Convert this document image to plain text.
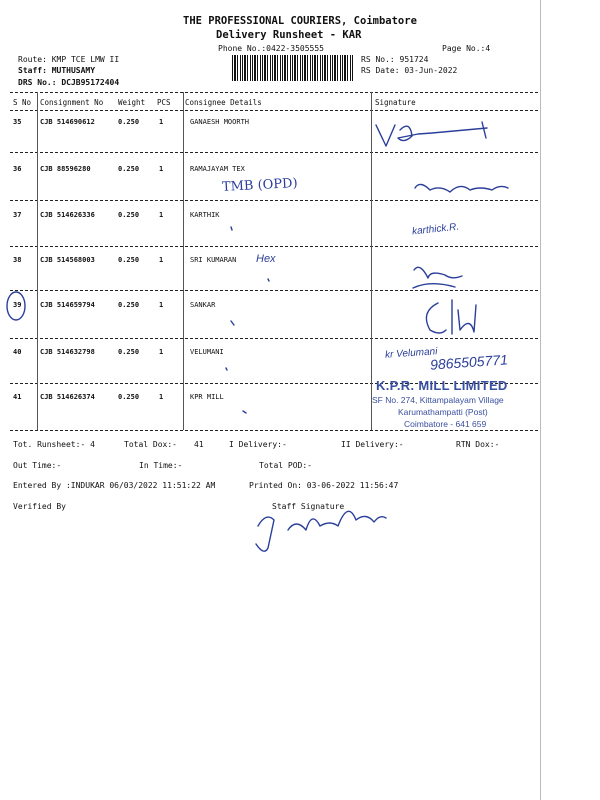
THE PROFESSIONAL COURIERS, Coimbatore
Delivery Runsheet - KAR
Phone No.:0422-3505555	Page No.:4
Route: KMP TCE LMW II
Staff: MUTHUSAMY
DRS No.: DCJB95172404
RS No.: 951724
RS Date: 03-Jun-2022
S No Consignment No Weight PCS Consignee Details	Signature
35	CJB 514690612	0.250	1	GANAESH MOORTH
36	CJB 88596280	0.250	1	RAMAJAYAM TEX
37	CJB 514626336	0.250	1	KARTHIK
38	CJB 514568003	0.250	1	SRI KUMARAN
39	CJB 514659794	0.250	1	SANKAR
40	CJB 514632798	0.250	1	VELUMANI
41	CJB 514626374	0.250	1	KPR MILL
Tot. Runsheet:- 4	Total Dox:- 41	I Delivery:-	II Delivery:-	RTN Dox:-
Out Time:-	In Time:-	Total POD:-
Entered By :INDUKAR 06/03/2022 11:51:22 AM	Printed On: 03-06-2022 11:56:47
Verified By	Staff Signature
TMB (OPD)
karthick.R.
Hex
kr Velumani
9865505771
K.P.R. MILL LIMITED
SF No. 274, Kittampalayam Village
Karumathampatti (Post)
Coimbatore - 641 659
